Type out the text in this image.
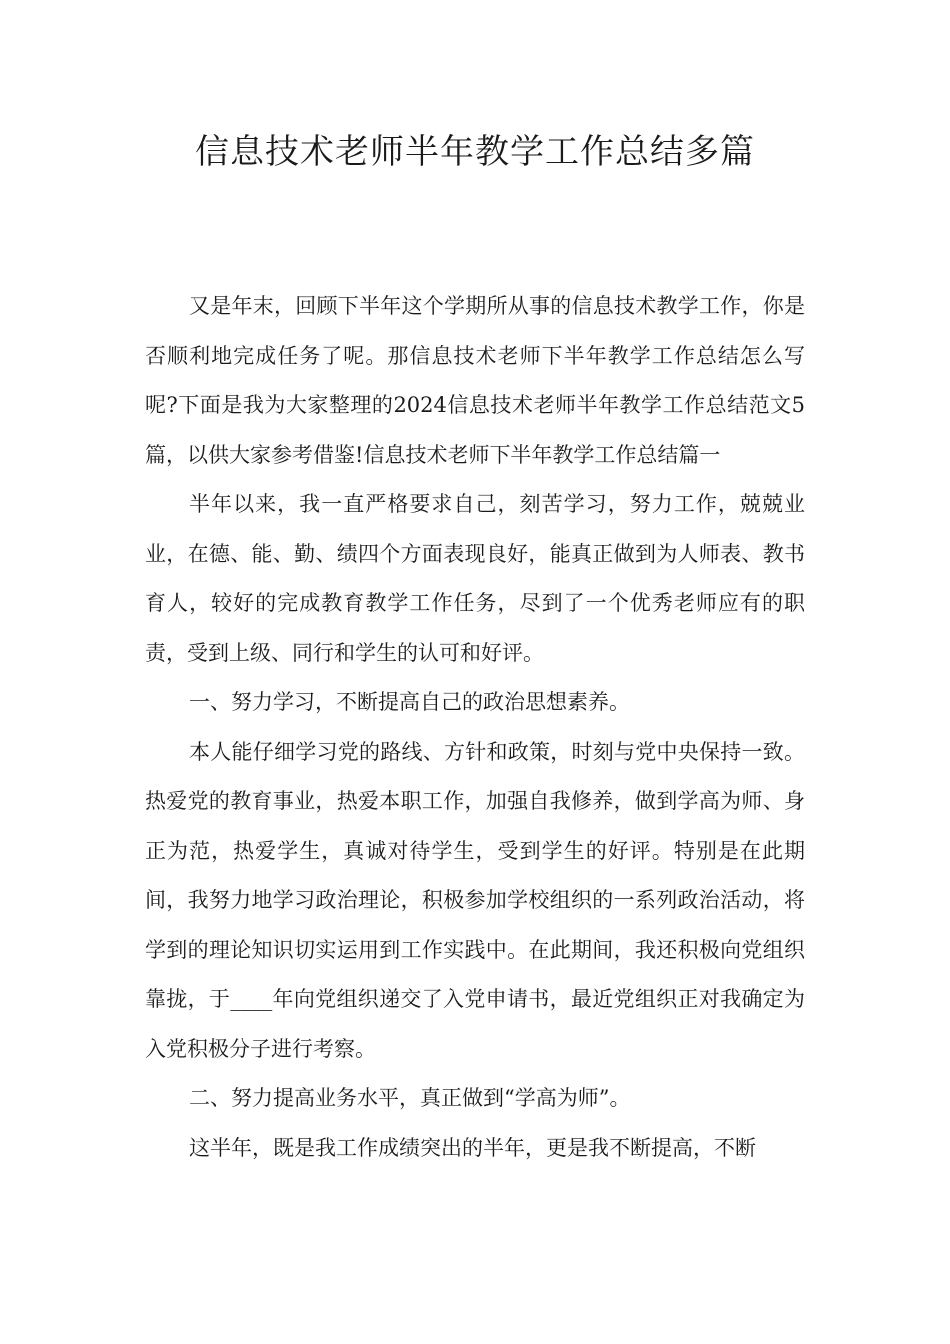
信息技术老师半年教学工作总结多篇

又是年末，回顾下半年这个学期所从事的信息技术教学工作，你是否顺利地完成任务了呢。那信息技术老师下半年教学工作总结怎么写呢?下面是我为大家整理的2024信息技术老师半年教学工作总结范文5篇，以供大家参考借鉴!信息技术老师下半年教学工作总结篇一

半年以来，我一直严格要求自己，刻苦学习，努力工作，兢兢业业，在德、能、勤、绩四个方面表现良好，能真正做到为人师表、教书育人，较好的完成教育教学工作任务，尽到了一个优秀老师应有的职责，受到上级、同行和学生的认可和好评。

一、努力学习，不断提高自己的政治思想素养。

本人能仔细学习党的路线、方针和政策，时刻与党中央保持一致。热爱党的教育事业，热爱本职工作，加强自我修养，做到学高为师、身正为范，热爱学生，真诚对待学生，受到学生的好评。特别是在此期间，我努力地学习政治理论，积极参加学校组织的一系列政治活动，将学到的理论知识切实运用到工作实践中。在此期间，我还积极向党组织靠拢，于____年向党组织递交了入党申请书，最近党组织正对我确定为入党积极分子进行考察。

二、努力提高业务水平，真正做到“学高为师”。

这半年，既是我工作成绩突出的半年，更是我不断提高，不断
